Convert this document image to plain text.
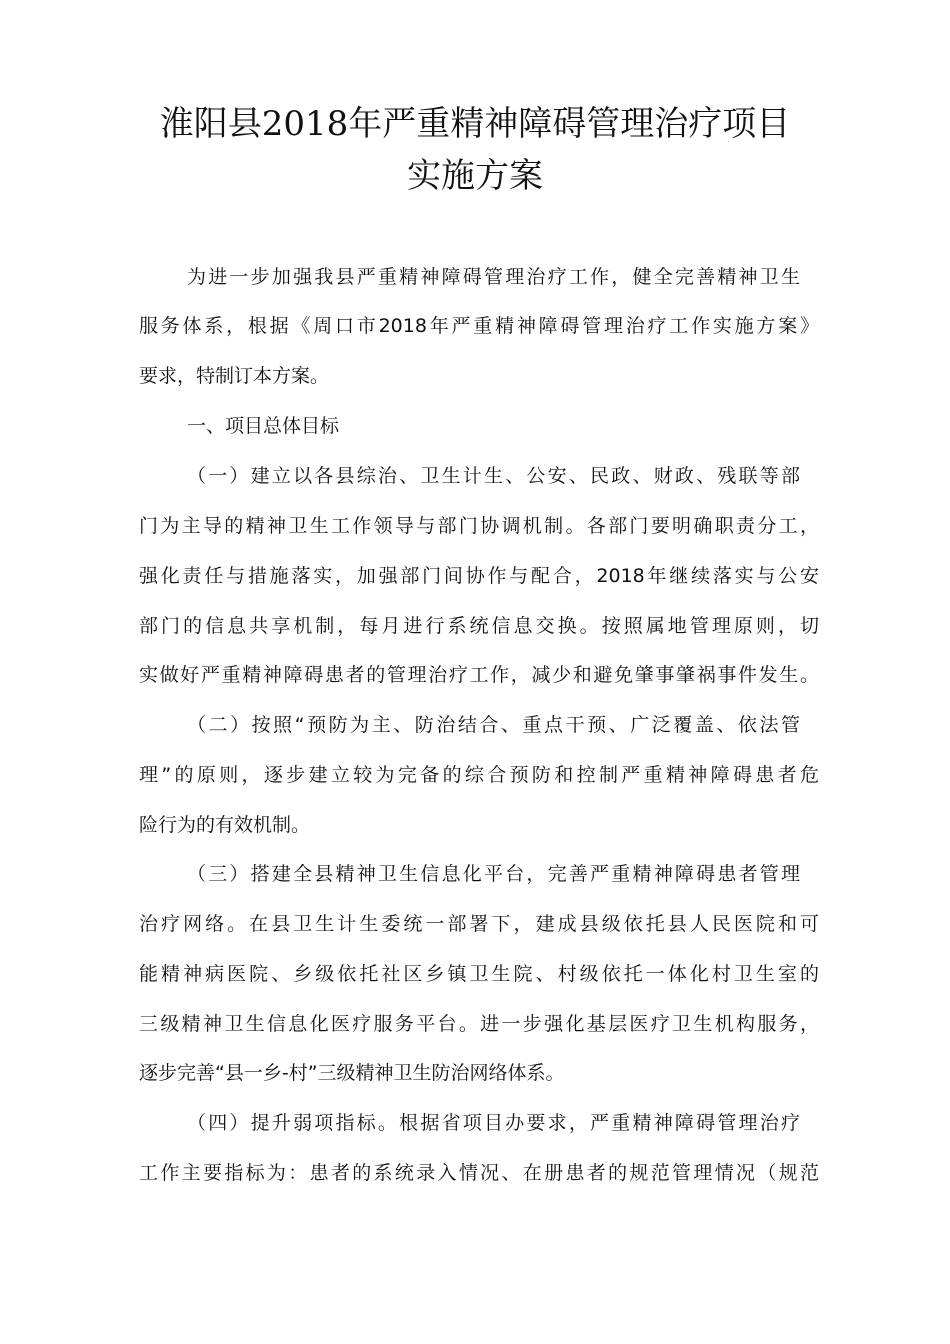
淮阳县2018年严重精神障碍管理治疗项目
实施方案
为进一步加强我县严重精神障碍管理治疗工作，健全完善精神卫生
服务体系，根据《周口市2018年严重精神障碍管理治疗工作实施方案》
要求，特制订本方案。
一、项目总体目标
（一）建立以各县综治、卫生计生、公安、民政、财政、残联等部
门为主导的精神卫生工作领导与部门协调机制。各部门要明确职责分工，
强化责任与措施落实，加强部门间协作与配合，2018年继续落实与公安
部门的信息共享机制，每月进行系统信息交换。按照属地管理原则，切
实做好严重精神障碍患者的管理治疗工作，减少和避免肇事肇祸事件发生。
（二）按照“预防为主、防治结合、重点干预、广泛覆盖、依法管
理”的原则，逐步建立较为完备的综合预防和控制严重精神障碍患者危
险行为的有效机制。
（三）搭建全县精神卫生信息化平台，完善严重精神障碍患者管理
治疗网络。在县卫生计生委统一部署下，建成县级依托县人民医院和可
能精神病医院、乡级依托社区乡镇卫生院、村级依托一体化村卫生室的
三级精神卫生信息化医疗服务平台。进一步强化基层医疗卫生机构服务，
逐步完善“县一乡-村”三级精神卫生防治网络体系。
（四）提升弱项指标。根据省项目办要求，严重精神障碍管理治疗
工作主要指标为：患者的系统录入情况、在册患者的规范管理情况（规范
